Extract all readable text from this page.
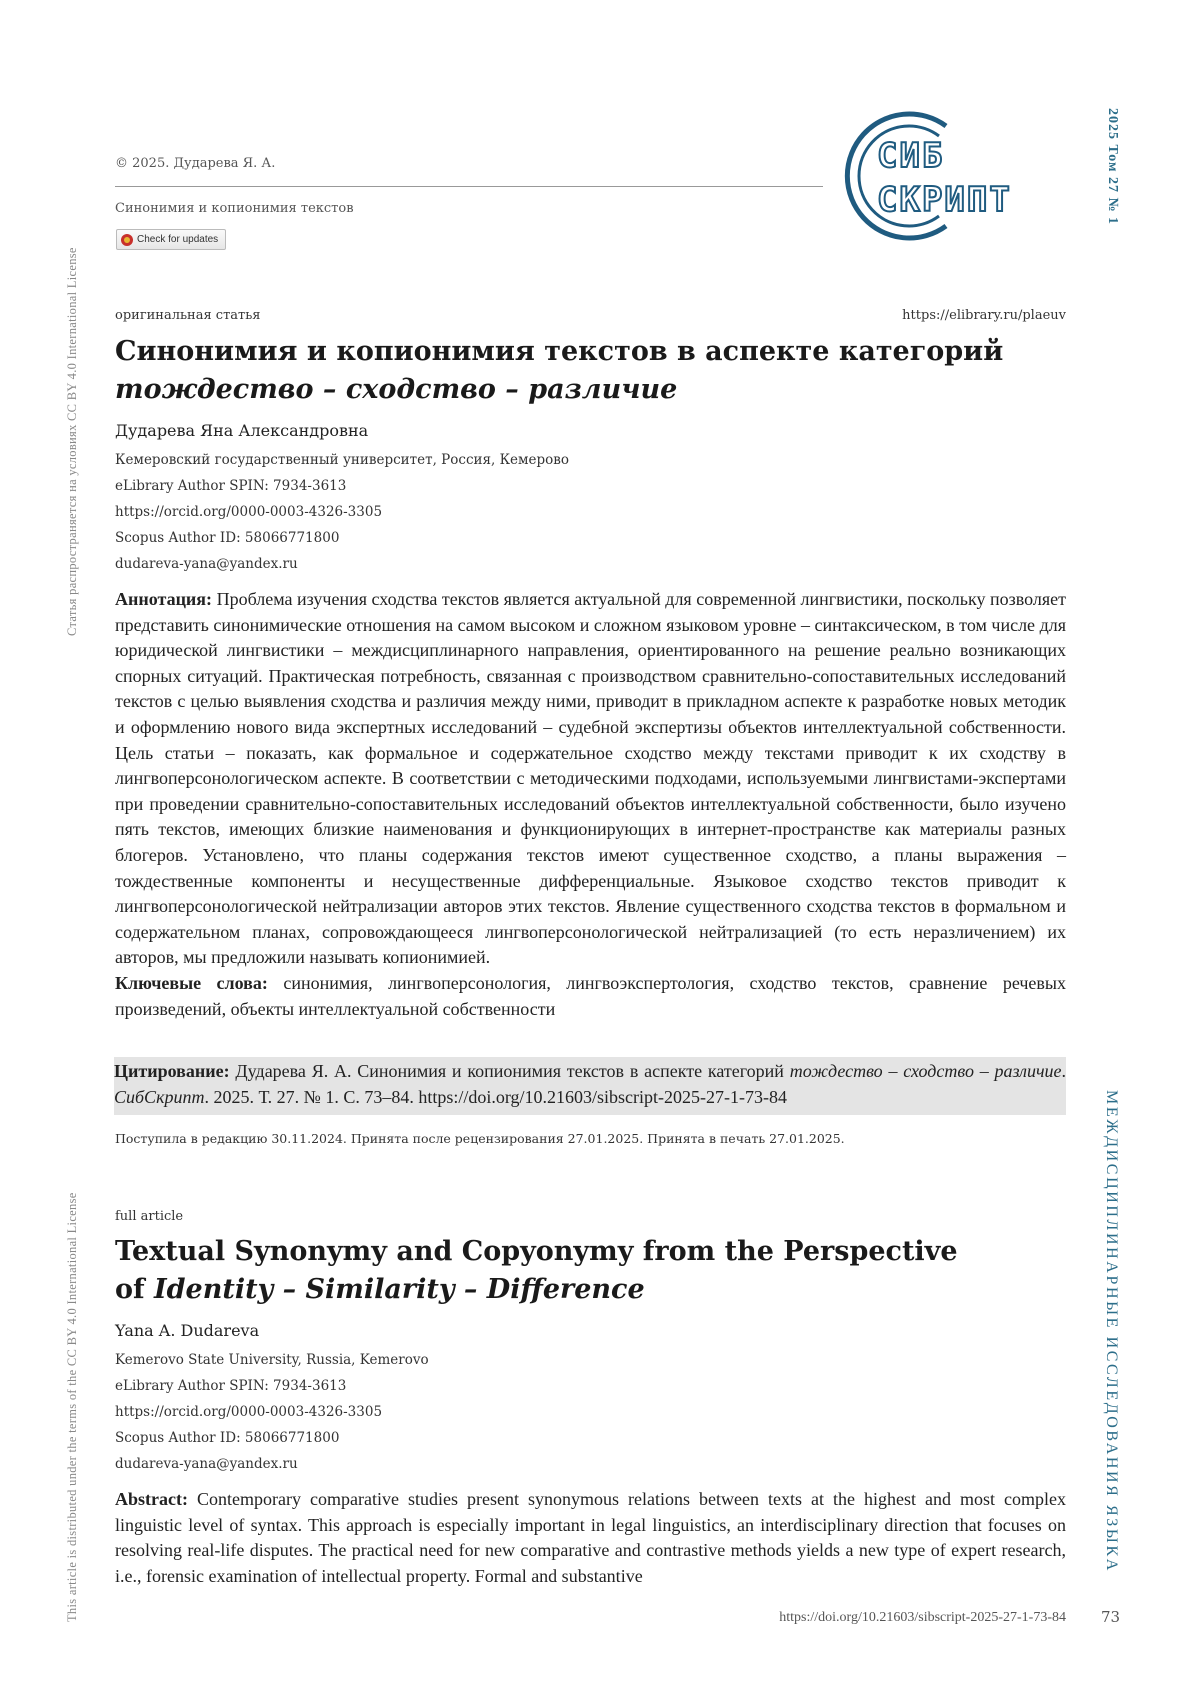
Статья распространяется на условиях CC BY 4.0 International License
This article is distributed under the terms of the CC BY 4.0 International License
2025 Том 27 № 1
МЕЖДИСЦИПЛИНАРНЫЕ ИССЛЕДОВАНИЯ ЯЗЫКА
© 2025. Дударева Я. А.
Синонимия и копионимия текстов
Check for updates
СИБ
СКРИПТ
оригинальная статья	https://elibrary.ru/plaeuv
Синонимия и копионимия текстов в аспекте категорий
тождество – сходство – различие
Дударева Яна Александровна
Кемеровский государственный университет, Россия, Кемерово
eLibrary Author SPIN: 7934-3613
https://orcid.org/0000-0003-4326-3305
Scopus Author ID: 58066771800
dudareva-yana@yandex.ru
Аннотация: Проблема изучения сходства текстов является актуальной для современной лингвистики, поскольку позволяет представить синонимические отношения на самом высоком и сложном языковом уровне – синтаксическом, в том числе для юридической лингвистики – междисциплинарного направления, ориентированного на решение реально возникающих спорных ситуаций. Практическая потребность, связанная с производством сравнительно-сопоставительных исследований текстов с целью выявления сходства и различия между ними, приводит в прикладном аспекте к разработке новых методик и оформлению нового вида экспертных исследований – судебной экспертизы объектов интеллектуальной собственности. Цель статьи – показать, как формальное и содержательное сходство между текстами приводит к их сходству в лингвоперсонологическом аспекте. В соответствии с методическими подходами, используемыми лингвистами-экспертами при проведении сравнительно-сопоставительных исследований объектов интеллектуальной собственности, было изучено пять текстов, имеющих близкие наименования и функционирующих в интернет-пространстве как материалы разных блогеров. Установлено, что планы содержания текстов имеют существенное сходство, а планы выражения – тождественные компоненты и несущественные дифференциальные. Языковое сходство текстов приводит к лингвоперсонологической нейтрализации авторов этих текстов. Явление существенного сходства текстов в формальном и содержательном планах, сопровождающееся лингвоперсонологической нейтрализацией (то есть неразличением) их авторов, мы предложили называть копионимией.
Ключевые слова: синонимия, лингвоперсонология, лингвоэкспертология, сходство текстов, сравнение речевых произведений, объекты интеллектуальной собственности
Цитирование: Дударева Я. А. Синонимия и копионимия текстов в аспекте категорий тождество – сходство – различие. СибСкрипт. 2025. Т. 27. № 1. С. 73–84. https://doi.org/10.21603/sibscript-2025-27-1-73-84
Поступила в редакцию 30.11.2024. Принята после рецензирования 27.01.2025. Принята в печать 27.01.2025.
full article
Textual Synonymy and Copyonymy from the Perspective
of Identity – Similarity – Difference
Yana A. Dudareva
Kemerovo State University, Russia, Kemerovo
eLibrary Author SPIN: 7934-3613
https://orcid.org/0000-0003-4326-3305
Scopus Author ID: 58066771800
dudareva-yana@yandex.ru
Abstract: Contemporary comparative studies present synonymous relations between texts at the highest and most complex linguistic level of syntax. This approach is especially important in legal linguistics, an interdisciplinary direction that focuses on resolving real-life disputes. The practical need for new comparative and contrastive methods yields a new type of expert research, i.e., forensic examination of intellectual property. Formal and substantive
https://doi.org/10.21603/sibscript-2025-27-1-73-84 73
